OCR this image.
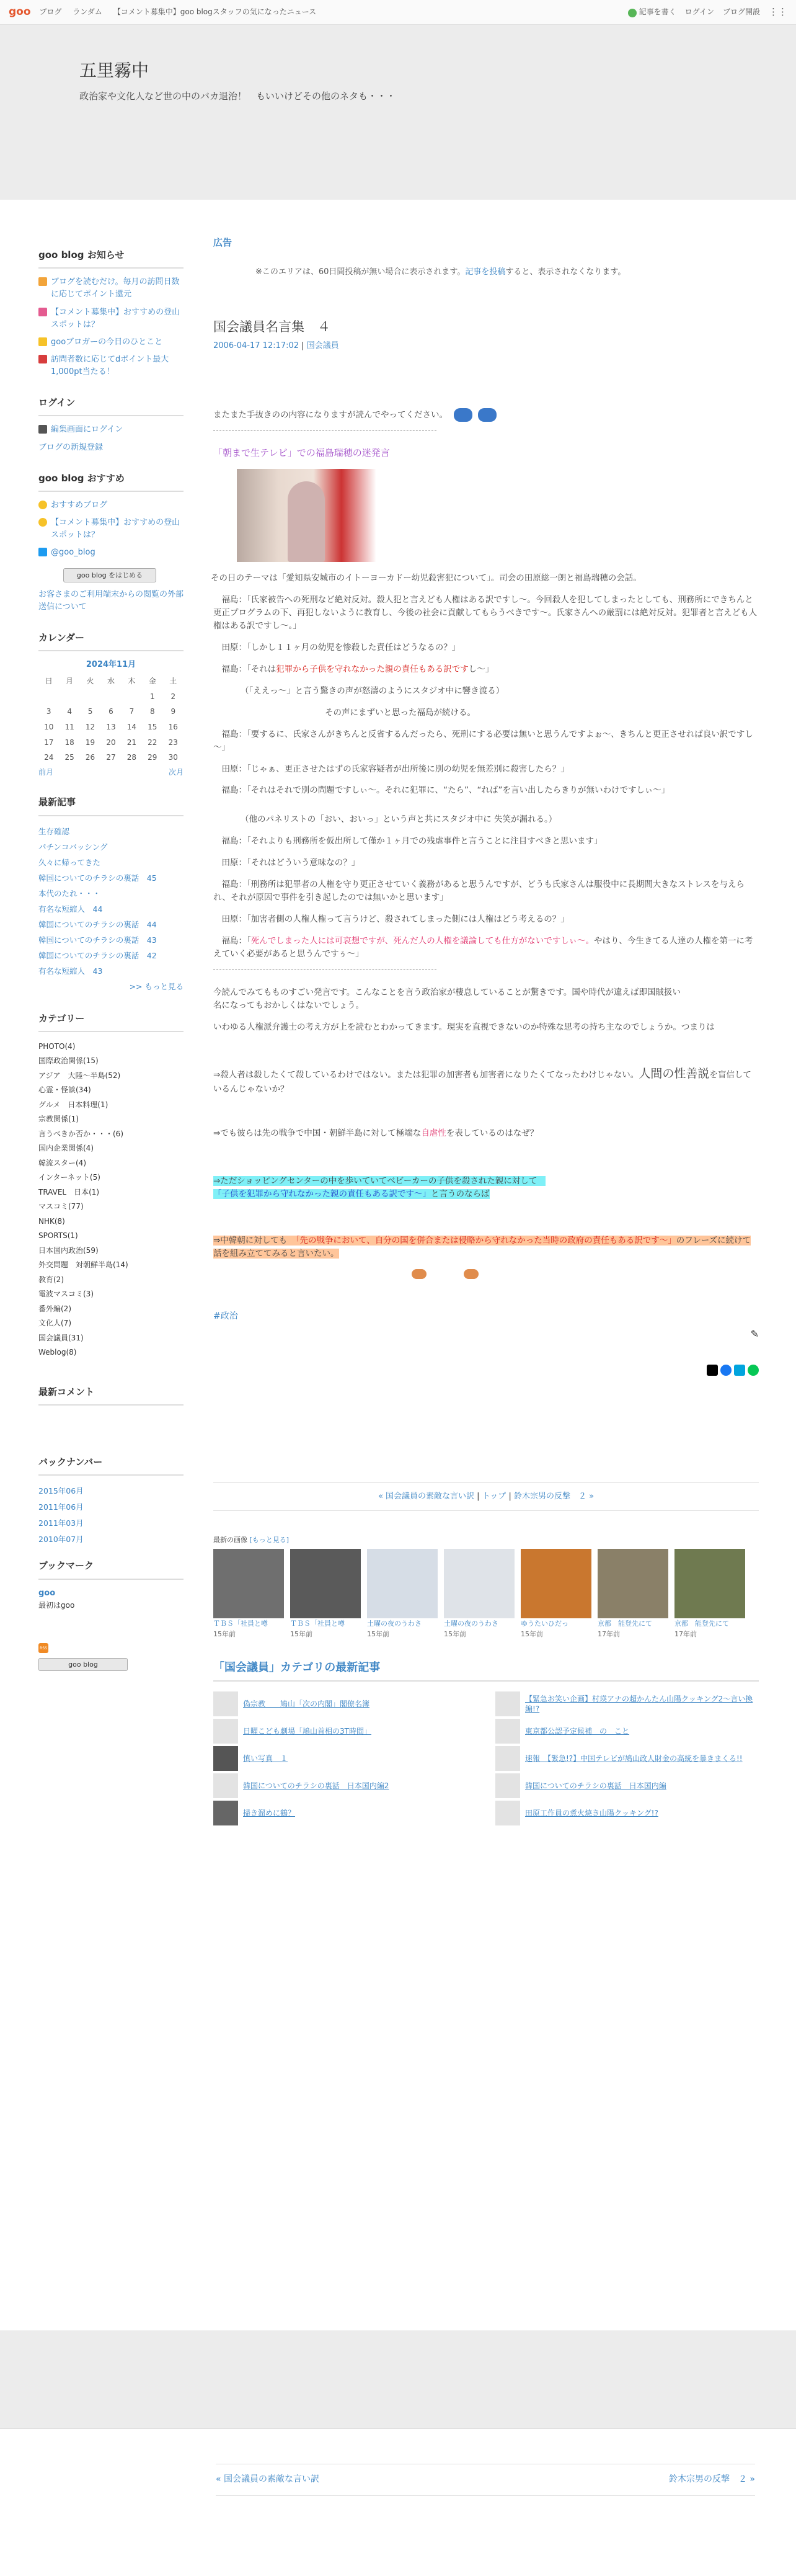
goo ブログ ランダム 【コメント募集中】goo blogスタッフの気になったニュース	記事を書く ログイン ブログ開設 ⋮⋮
五里霧中
政治家や文化人など世の中のバカ退治！　もいいけどその他のネタも・・・
goo blog お知らせ
ブログを読むだけ。毎月の訪問日数に応じてポイント還元
【コメント募集中】おすすめの登山スポットは？
gooブロガーの今日のひとこと
訪問者数に応じてdポイント最大1,000pt当たる！
ログイン
編集画面にログイン
ブログの新規登録
goo blog おすすめ
おすすめブログ
【コメント募集中】おすすめの登山スポットは？
@goo_blog
goo blog をはじめる
お客さまのご利用端末からの閲覧の外部送信について
カレンダー
2024年11月
日	月	火	水	木	金	土
					1	2
3	4	5	6	7	8	9
10	11	12	13	14	15	16
17	18	19	20	21	22	23
24	25	26	27	28	29	30
前月	次月
最新記事
生存確認
パチンコバッシング
久々に帰ってきた
韓国についてのチラシの裏話　45
本代のたれ・・・
有名な短縮人　44
韓国についてのチラシの裏話　44
韓国についてのチラシの裏話　43
韓国についてのチラシの裏話　42
有名な短縮人　43
>> もっと見る
カテゴリー
PHOTO(4)
国際政治関係(15)
アジア　大陸～半島(52)
心霊・怪談(34)
グルメ　日本料理(1)
宗教関係(1)
言うべきか否か・・・(6)
国内企業関係(4)
韓流スター(4)
インターネット(5)
TRAVEL　日本(1)
マスコミ(77)
NHK(8)
SPORTS(1)
日本国内政治(59)
外交問題　対朝鮮半島(14)
教育(2)
電波マスコミ(3)
番外編(2)
文化人(7)
国会議員(31)
Weblog(8)
最新コメント
バックナンバー
2015年06月
2011年06月
2011年03月
2010年07月
ブックマーク
goo
最初はgoo
RSS
goo blog
広告
※このエリアは、60日間投稿が無い場合に表示されます。記事を投稿すると、表示されなくなります。
国会議員名言集　４
2006-04-17 12:17:02 | 国会議員

またまた手抜きのの内容になりますが読んでやってください。

「朝まで生テレビ」での福島瑞穂の迷発言

その日のテーマは「愛知県安城市のイトーヨーカドー幼児殺害犯について」。司会の田原総一朗と福島瑞穂の会話。

福島：「氏家被告への死刑など絶対反対。殺人犯と言えども人権はある訳ですし～。今回殺人を犯してしまったとしても、刑務所にできちんと更正プログラムの下、再犯しないように教育し、今後の社会に貢献してもらうべきです～。氏家さんへの厳罰には絶対反対。犯罪者と言えども人権はある訳ですし～。」

田原：「しかし１１ヶ月の幼児を惨殺した責任はどうなるの？」

福島：「それは犯罪から子供を守れなかった親の責任もある訳ですし～」

（「ええっ～」と言う驚きの声が怒濤のようにスタジオ中に響き渡る）

その声にまずいと思った福島が続ける。

福島：「要するに、氏家さんがきちんと反省するんだったら、死刑にする必要は無いと思うんですよぉ～、きちんと更正させれば良い訳ですし～」

田原：「じゃぁ、更正させたはずの氏家容疑者が出所後に別の幼児を無差別に殺害したら？」

福島：「それはそれで別の問題ですしぃ～。それに犯罪に、“たら”、“れば”を言い出したらきりが無いわけですしぃ～」

（他のパネリストの「おい、おいっ」という声と共にスタジオ中に 失笑が漏れる。）

福島：「それよりも刑務所を仮出所して僅か１ヶ月での残虐事件と言うことに注目すべきと思います」

田原：「それはどういう意味なの？」

福島：「刑務所は犯罪者の人権を守り更正させていく義務があると思うんですが、どうも氏家さんは服役中に長期間大きなストレスを与えられ、それが原因で事件を引き起したのでは無いかと思います」

田原：「加害者側の人権人権って言うけど、殺されてしまった側には人権はどう考えるの？」

福島：「死んでしまった人には可哀想ですが、死んだ人の人権を議論しても仕方がないですしぃ～。やはり、今生きてる人達の人権を第一に考えていく必要があると思うんですぅ～」

今読んでみてもものすごい発言です。こんなことを言う政治家が棲息していることが驚きです。国や時代が違えば即国賊扱い
名になってもおかしくはないでしょう。

いわゆる人権派弁護士の考え方が上を読むとわかってきます。現実を直視できないのか特殊な思考の持ち主なのでしょうか。つまりは

⇒殺人者は殺したくて殺しているわけではない。または犯罪の加害者も加害者になりたくてなったわけじゃない。人間の性善説を盲信しているんじゃないか？

⇒でも彼らは先の戦争で中国・朝鮮半島に対して極端な自虐性を表しているのはなぜ？

⇒ただショッピングセンターの中を歩いていてベビーカーの子供を殺された親に対して　「子供を犯罪から守れなかった親の責任もある訳です～」と言うのならば

⇒中韓朝に対しても　「先の戦争において、自分の国を併合または侵略から守れなかった当時の政府の責任もある訳です～」のフレーズに続けて話を組み立ててみると言いたい。

#政治
✎
« 国会議員の素敵な言い訳 | トップ | 鈴木宗男の反撃　２ »
最新の画像 [もっと見る]
ＴＢＳ「社員と噂
15年前
ＴＢＳ「社員と噂
15年前
土曜の夜のうわさ
15年前
土曜の夜のうわさ
15年前
ゆうたいひだっ
15年前
京都　能登先にて
17年前
京都　能登先にて
17年前
「国会議員」カテゴリの最新記事
偽宗教　　鳩山「次の内閣」閣僚名簿
日曜こども劇場「鳩山首相の3T時間」
慎い写真　１
韓国についてのチラシの裏話　日本国内編2
掃き溜めに鶴？
【緊急お笑い企画】村瑛アナの超かんたん山陽クッキング2〜言い換編!?
東京都公認予定候補　の　こと
速報　【緊急!?】中国テレビが鳩山政人財金の高統を暴きまくる!!
韓国についてのチラシの裏話　日本国内編
田原工作員の煮火焼き山陽クッキング!?
« 国会議員の素敵な言い訳	鈴木宗男の反撃　２ »
